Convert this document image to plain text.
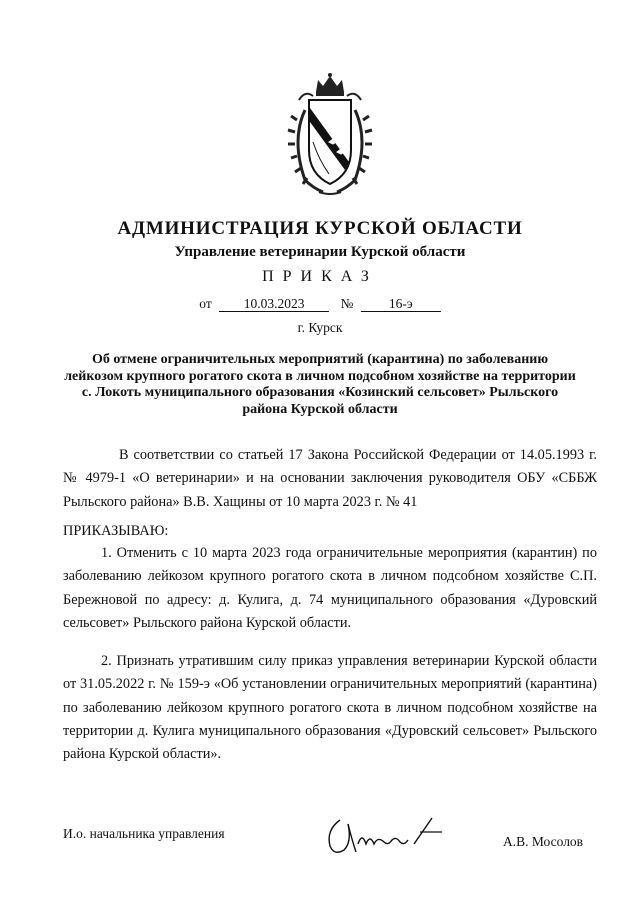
АДМИНИСТРАЦИЯ КУРСКОЙ ОБЛАСТИ
Управление ветеринарии Курской области
ПРИКАЗ
от 10.03.2023	№	16-э
г. Курск
Об отмене ограничительных мероприятий (карантина) по заболеванию лейкозом крупного рогатого скота в личном подсобном хозяйстве на территории с. Локоть муниципального образования «Козинский сельсовет» Рыльского района Курской области
В соответствии со статьей 17 Закона Российской Федерации от 14.05.1993 г. № 4979-1 «О ветеринарии» и на основании заключения руководителя ОБУ «СББЖ Рыльского района» В.В. Хащины от 10 марта 2023 г. № 41
ПРИКАЗЫВАЮ:
1. Отменить с 10 марта 2023 года ограничительные мероприятия (карантин) по заболеванию лейкозом крупного рогатого скота в личном подсобном хозяйстве С.П. Бережновой по адресу: д. Кулига, д. 74 муниципального образования «Дуровский сельсовет» Рыльского района Курской области.
2. Признать утратившим силу приказ управления ветеринарии Курской области от 31.05.2022 г. № 159-э «Об установлении ограничительных мероприятий (карантина) по заболеванию лейкозом крупного рогатого скота в личном подсобном хозяйстве на территории д. Кулига муниципального образования «Дуровский сельсовет» Рыльского района Курской области».
И.о. начальника управления
А.В. Мосолов
